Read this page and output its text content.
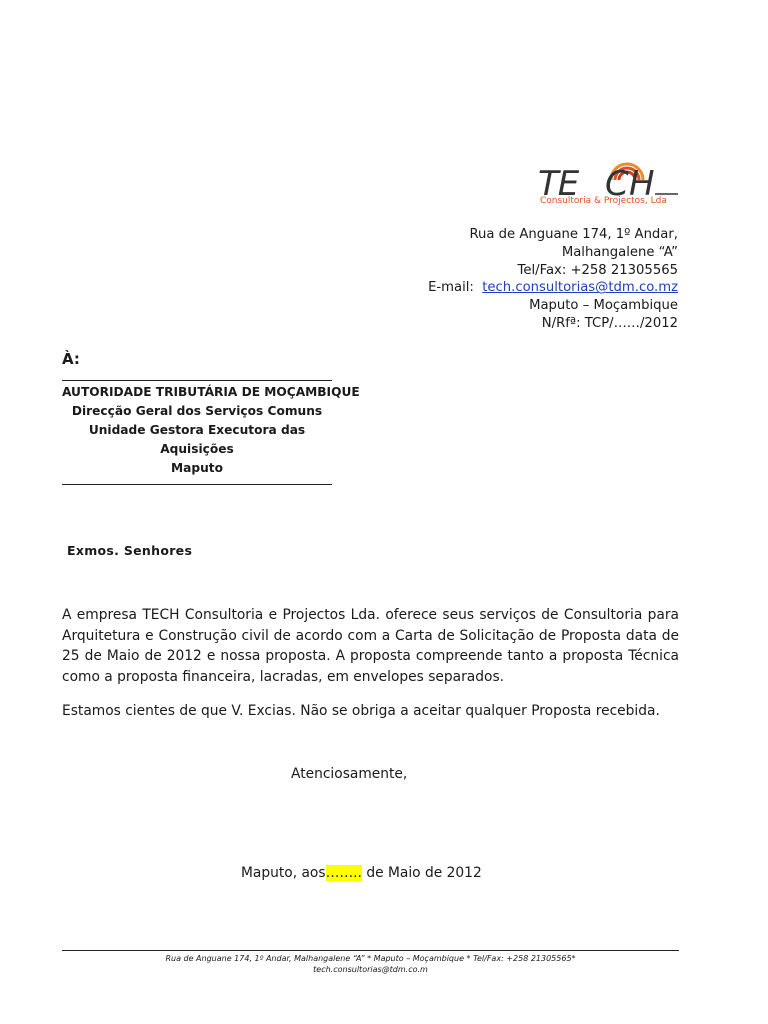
TE C H
Consultoria & Projectos, Lda
Rua de Anguane 174, 1º Andar,
Malhangalene “A”
Tel/Fax: +258 21305565
E-mail: tech.consultorias@tdm.co.mz
Maputo – Moçambique
N/Rfª: TCP/……/2012
À:
AUTORIDADE TRIBUTÁRIA DE MOÇAMBIQUE
Direcção Geral dos Serviços Comuns
Unidade Gestora Executora das
Aquisições
Maputo
Exmos. Senhores

A empresa TECH Consultoria e Projectos Lda. oferece seus serviços de Consultoria para Arquitetura e Construção civil de acordo com a Carta de Solicitação de Proposta data de 25 de Maio de 2012 e nossa proposta. A proposta compreende tanto a proposta Técnica como a proposta financeira, lacradas, em envelopes separados.

Estamos cientes de que V. Excias. Não se obriga a aceitar qualquer Proposta recebida.
Atenciosamente,
Maputo, aos…….. de Maio de 2012
Rua de Anguane 174, 1º Andar, Malhangalene “A” * Maputo – Moçambique * Tel/Fax: +258 21305565*
tech.consultorias@tdm.co.m
